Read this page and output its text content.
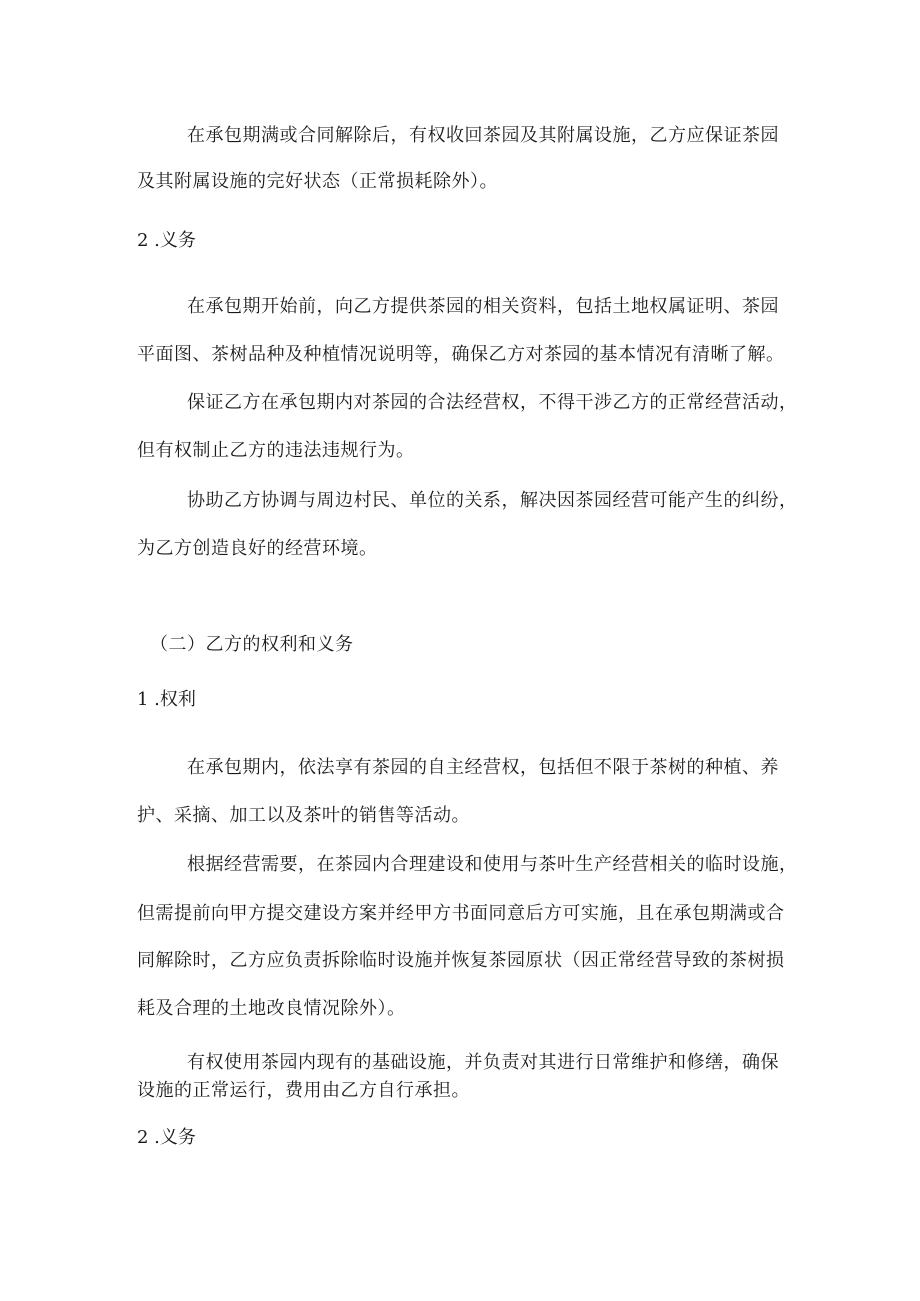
在承包期满或合同解除后，有权收回茶园及其附属设施，乙方应保证茶园
及其附属设施的完好状态（正常损耗除外）。
2 .义务
在承包期开始前，向乙方提供茶园的相关资料，包括土地权属证明、茶园
平面图、茶树品种及种植情况说明等，确保乙方对茶园的基本情况有清晰了解。
保证乙方在承包期内对茶园的合法经营权，不得干涉乙方的正常经营活动，
但有权制止乙方的违法违规行为。
协助乙方协调与周边村民、单位的关系，解决因茶园经营可能产生的纠纷，
为乙方创造良好的经营环境。
（二）乙方的权利和义务
1 .权利
在承包期内，依法享有茶园的自主经营权，包括但不限于茶树的种植、养
护、采摘、加工以及茶叶的销售等活动。
根据经营需要，在茶园内合理建设和使用与茶叶生产经营相关的临时设施，
但需提前向甲方提交建设方案并经甲方书面同意后方可实施，且在承包期满或合
同解除时，乙方应负责拆除临时设施并恢复茶园原状（因正常经营导致的茶树损
耗及合理的土地改良情况除外）。
有权使用茶园内现有的基础设施，并负责对其进行日常维护和修缮，确保
设施的正常运行，费用由乙方自行承担。
2 .义务
